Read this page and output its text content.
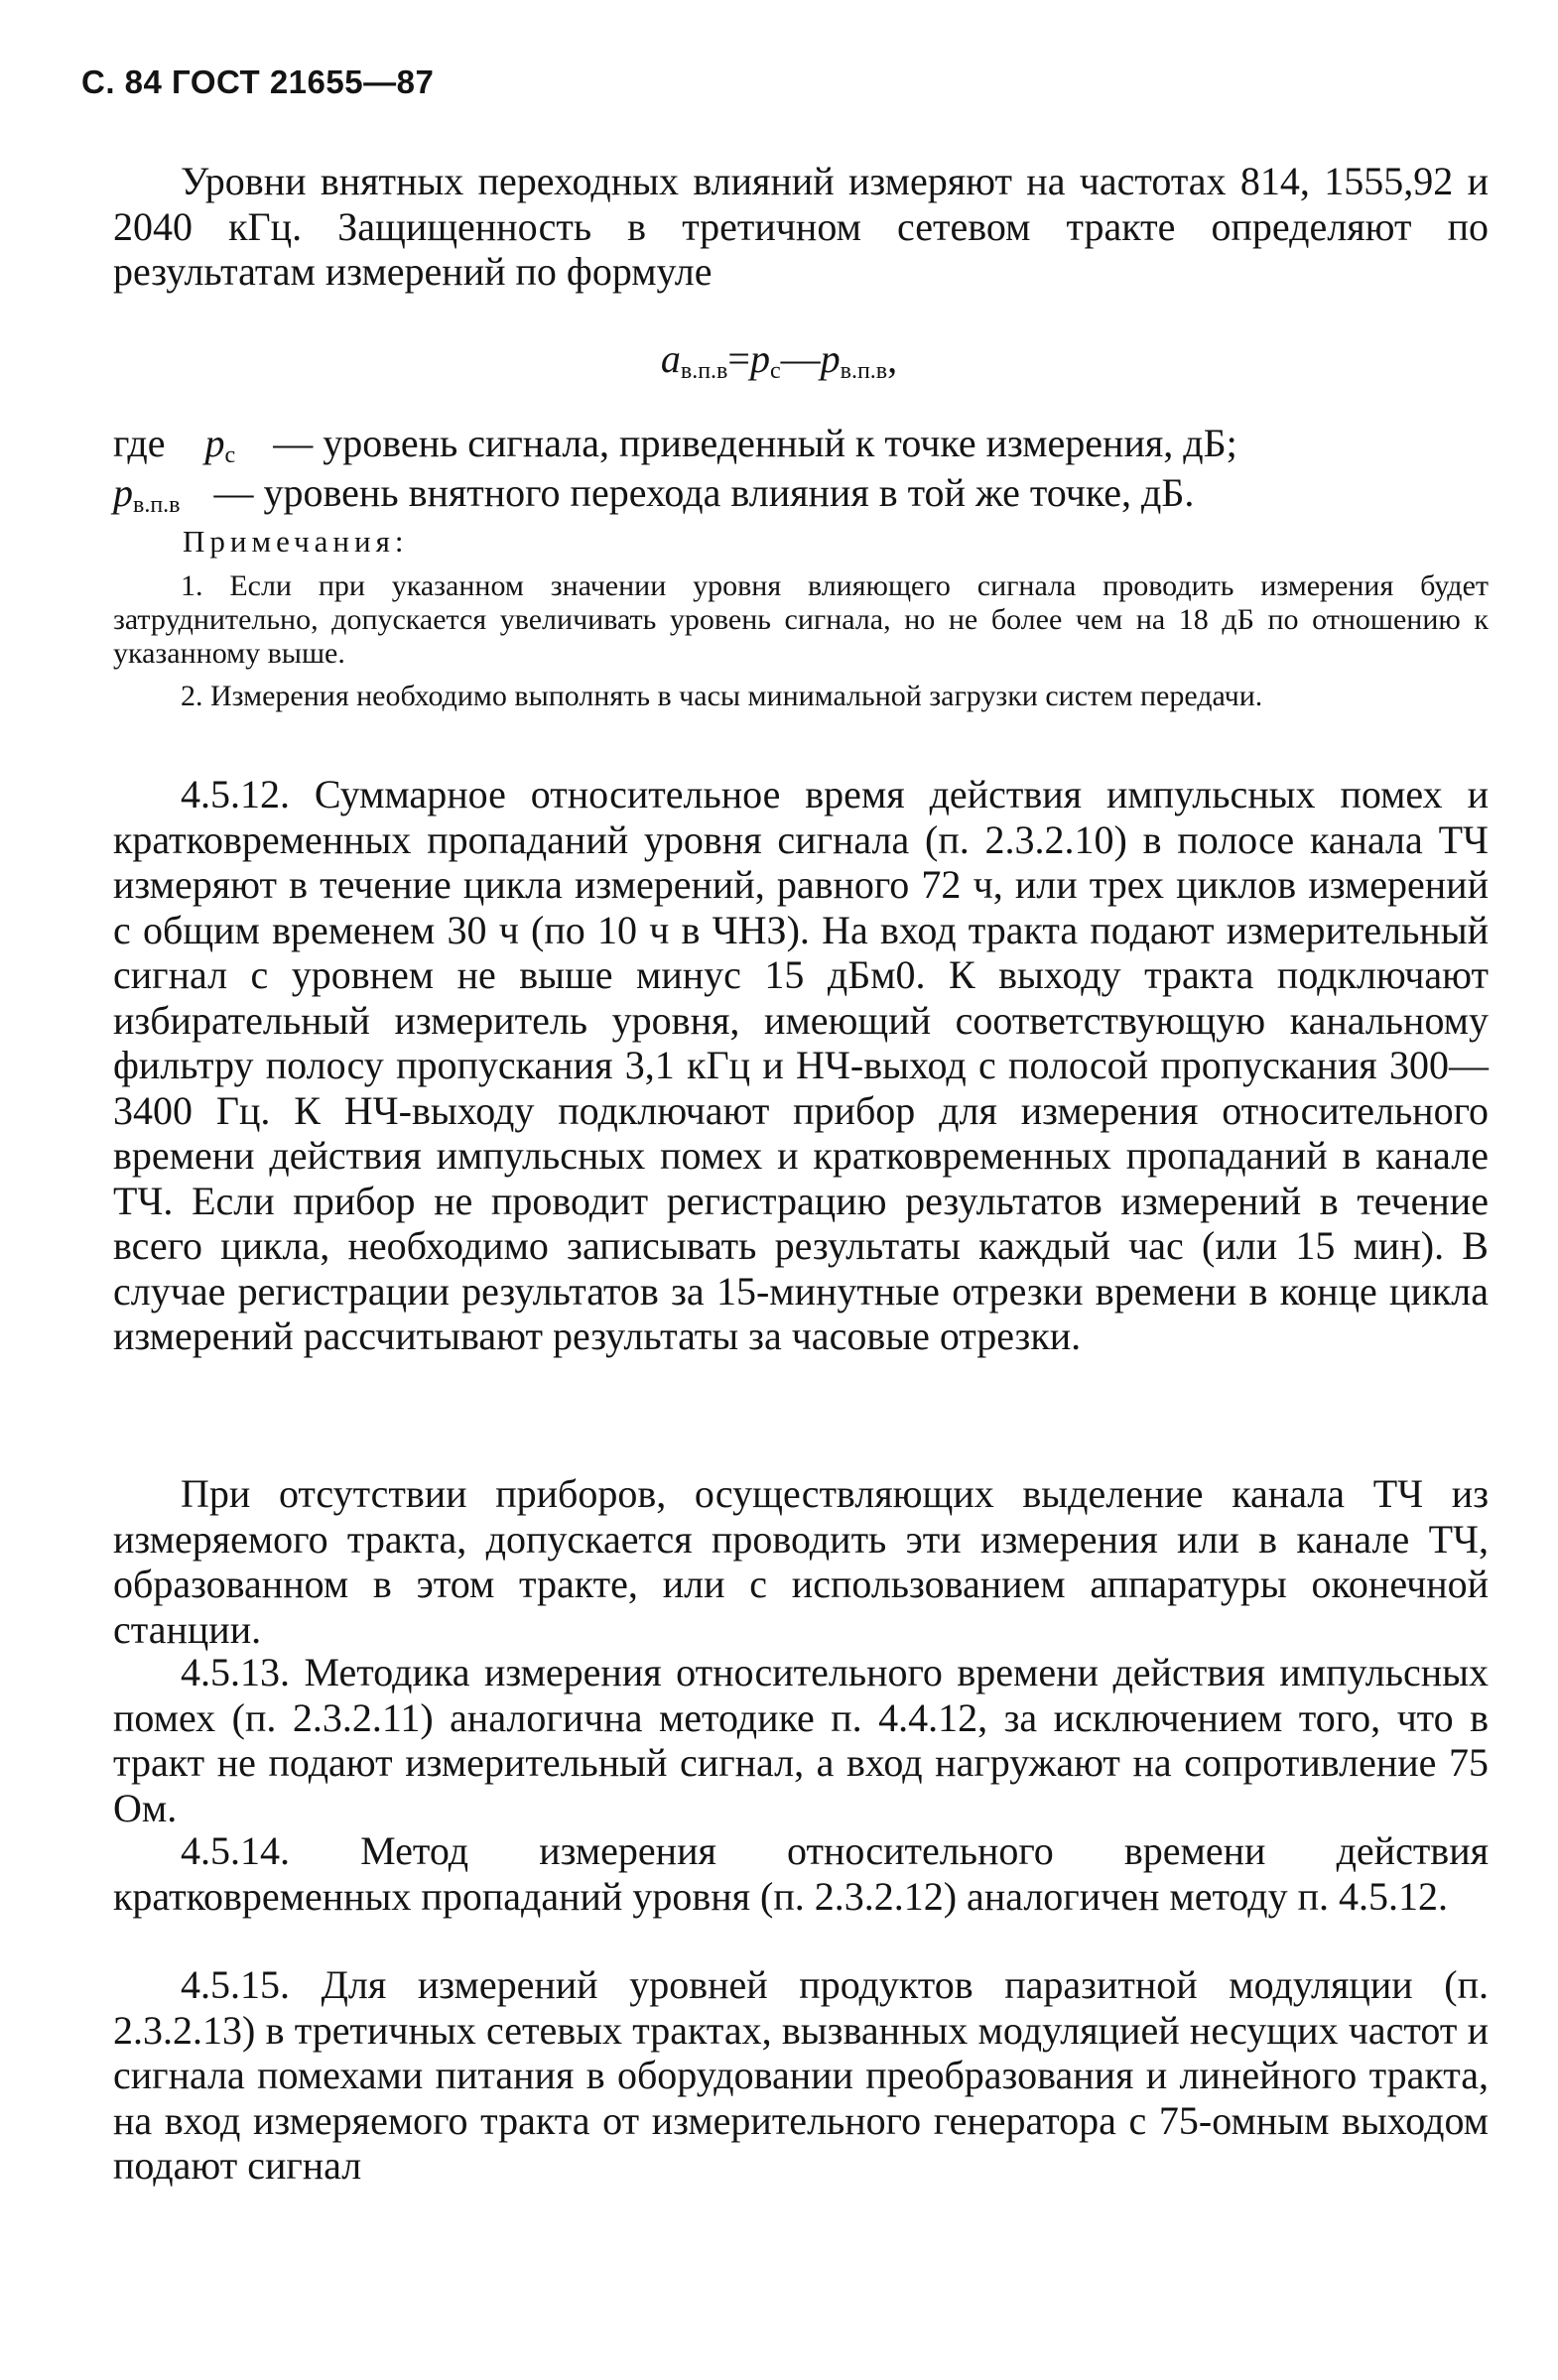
С. 84 ГОСТ 21655—87

Уровни внятных переходных влияний измеряют на частотах 814, 1555,92 и 2040 кГц. Защищенность в третичном сетевом тракте определяют по результатам измерений по формуле

$a_{в.п.в}=p_с—p_{в.п.в}$,
где $p_с$ — уровень сигнала, приведенный к точке измерения, дБ;
$p_{в.п.в}$ — уровень внятного перехода влияния в той же точке, дБ.
Примечания:

1. Если при указанном значении уровня влияющего сигнала проводить измерения будет затруднительно, допускается увеличивать уровень сигнала, но не более чем на 18 дБ по отношению к указанному выше.

2. Измерения необходимо выполнять в часы минимальной загрузки систем передачи.

4.5.12. Суммарное относительное время действия импульсных помех и кратковременных пропаданий уровня сигнала (п. 2.3.2.10) в полосе канала ТЧ измеряют в течение цикла измерений, равного 72 ч, или трех циклов измерений с общим временем 30 ч (по 10 ч в ЧНЗ). На вход тракта подают измерительный сигнал с уровнем не выше минус 15 дБм0. К выходу тракта подключают избирательный измеритель уровня, имеющий соответствующую канальному фильтру полосу пропускания 3,1 кГц и НЧ-выход с полосой пропускания 300—3400 Гц. К НЧ-выходу подключают прибор для измерения относительного времени действия импульсных помех и кратковременных пропаданий в канале ТЧ. Если прибор не проводит регистрацию результатов измерений в течение всего цикла, необходимо записывать результаты каждый час (или 15 мин). В случае регистрации результатов за 15-минутные отрезки времени в конце цикла измерений рассчитывают результаты за часовые отрезки.

При отсутствии приборов, осуществляющих выделение канала ТЧ из измеряемого тракта, допускается проводить эти измерения или в канале ТЧ, образованном в этом тракте, или с использованием аппаратуры оконечной станции.

4.5.13. Методика измерения относительного времени действия импульсных помех (п. 2.3.2.11) аналогична методике п. 4.4.12, за исключением того, что в тракт не подают измерительный сигнал, а вход нагружают на сопротивление 75 Ом.

4.5.14. Метод измерения относительного времени действия кратковременных пропаданий уровня (п. 2.3.2.12) аналогичен методу п. 4.5.12.

4.5.15. Для измерений уровней продуктов паразитной модуляции (п. 2.3.2.13) в третичных сетевых трактах, вызванных модуляцией несущих частот и сигнала помехами питания в оборудовании преобразования и линейного тракта, на вход измеряемого тракта от измерительного генератора с 75-омным выходом подают сигнал
